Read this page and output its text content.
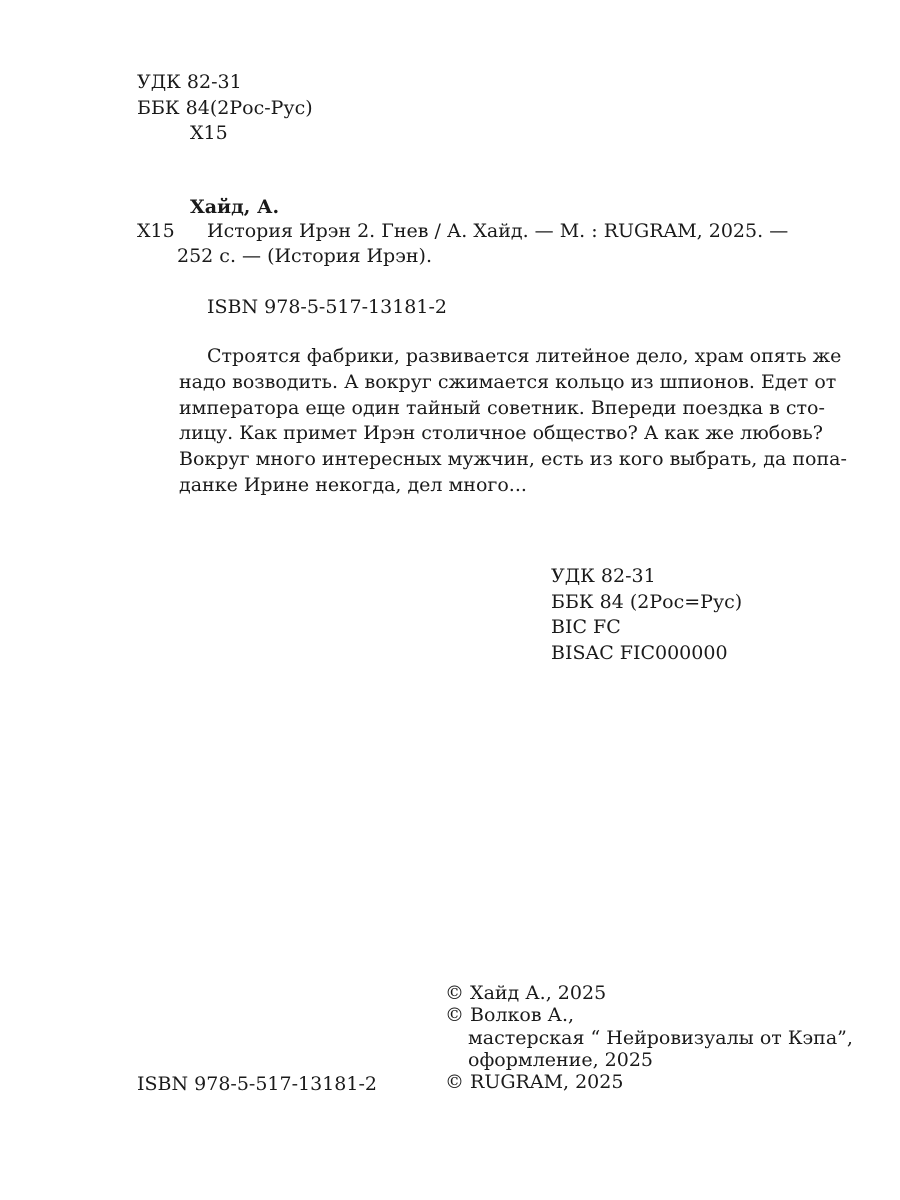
УДК 82-31
ББК 84(2Рос-Рус)
Х15
Хайд, А.
Х15 История Ирэн 2. Гнев / А. Хайд. — М. : RUGRAM, 2025. —
252 с. — (История Ирэн).
ISBN 978-5-517-13181-2
Строятся фабрики, развивается литейное дело, храм опять же
надо возводить. А вокруг сжимается кольцо из шпионов. Едет от
императора еще один тайный советник. Впереди поездка в сто-
лицу. Как примет Ирэн столичное общество? А как же любовь?
Вокруг много интересных мужчин, есть из кого выбрать, да попа-
данке Ирине некогда, дел много...
УДК 82-31
ББК 84 (2Рос=Рус)
BIC FC
BISAC FIC000000
© Хайд А., 2025
© Волков А.,
мастерская “ Нейровизуалы от Кэпа”,
оформление, 2025
© RUGRAM, 2025
ISBN 978-5-517-13181-2
